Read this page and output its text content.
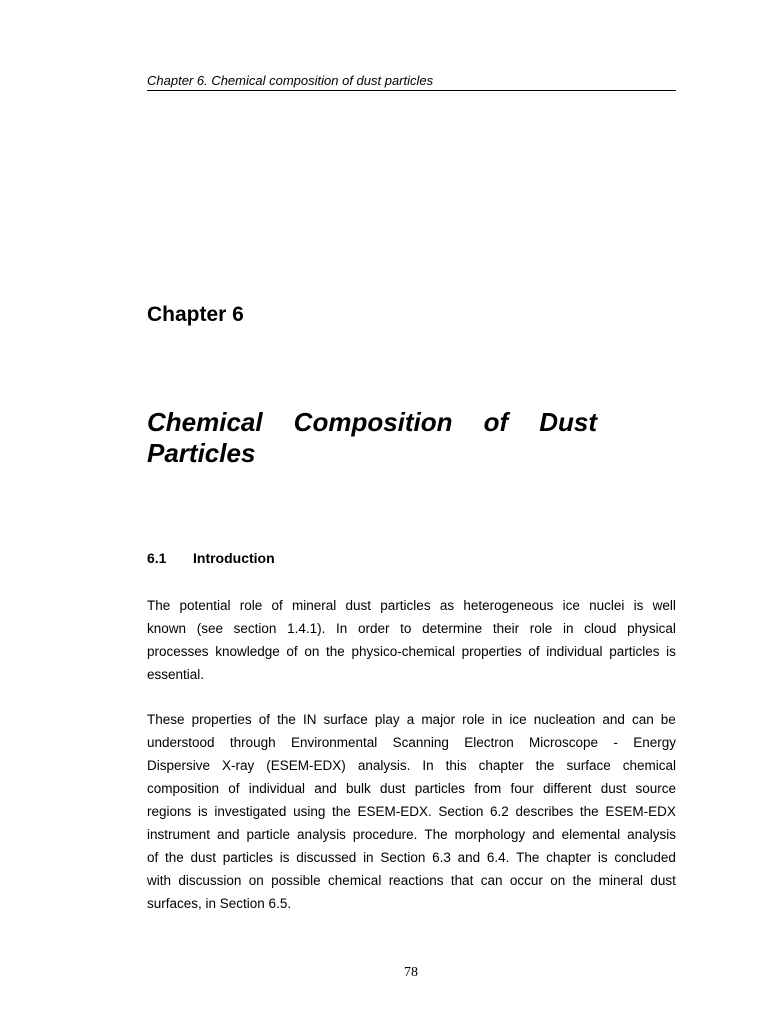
Chapter 6. Chemical composition of dust particles
Chapter 6
Chemical Composition of Dust
Particles
6.1 Introduction
The potential role of mineral dust particles as heterogeneous ice nuclei is well
known (see section 1.4.1). In order to determine their role in cloud physical
processes knowledge of on the physico-chemical properties of individual particles is
essential.
These properties of the IN surface play a major role in ice nucleation and can be
understood through Environmental Scanning Electron Microscope - Energy
Dispersive X-ray (ESEM-EDX) analysis. In this chapter the surface chemical
composition of individual and bulk dust particles from four different dust source
regions is investigated using the ESEM-EDX. Section 6.2 describes the ESEM-EDX
instrument and particle analysis procedure. The morphology and elemental analysis
of the dust particles is discussed in Section 6.3 and 6.4. The chapter is concluded
with discussion on possible chemical reactions that can occur on the mineral dust
surfaces, in Section 6.5.
78
